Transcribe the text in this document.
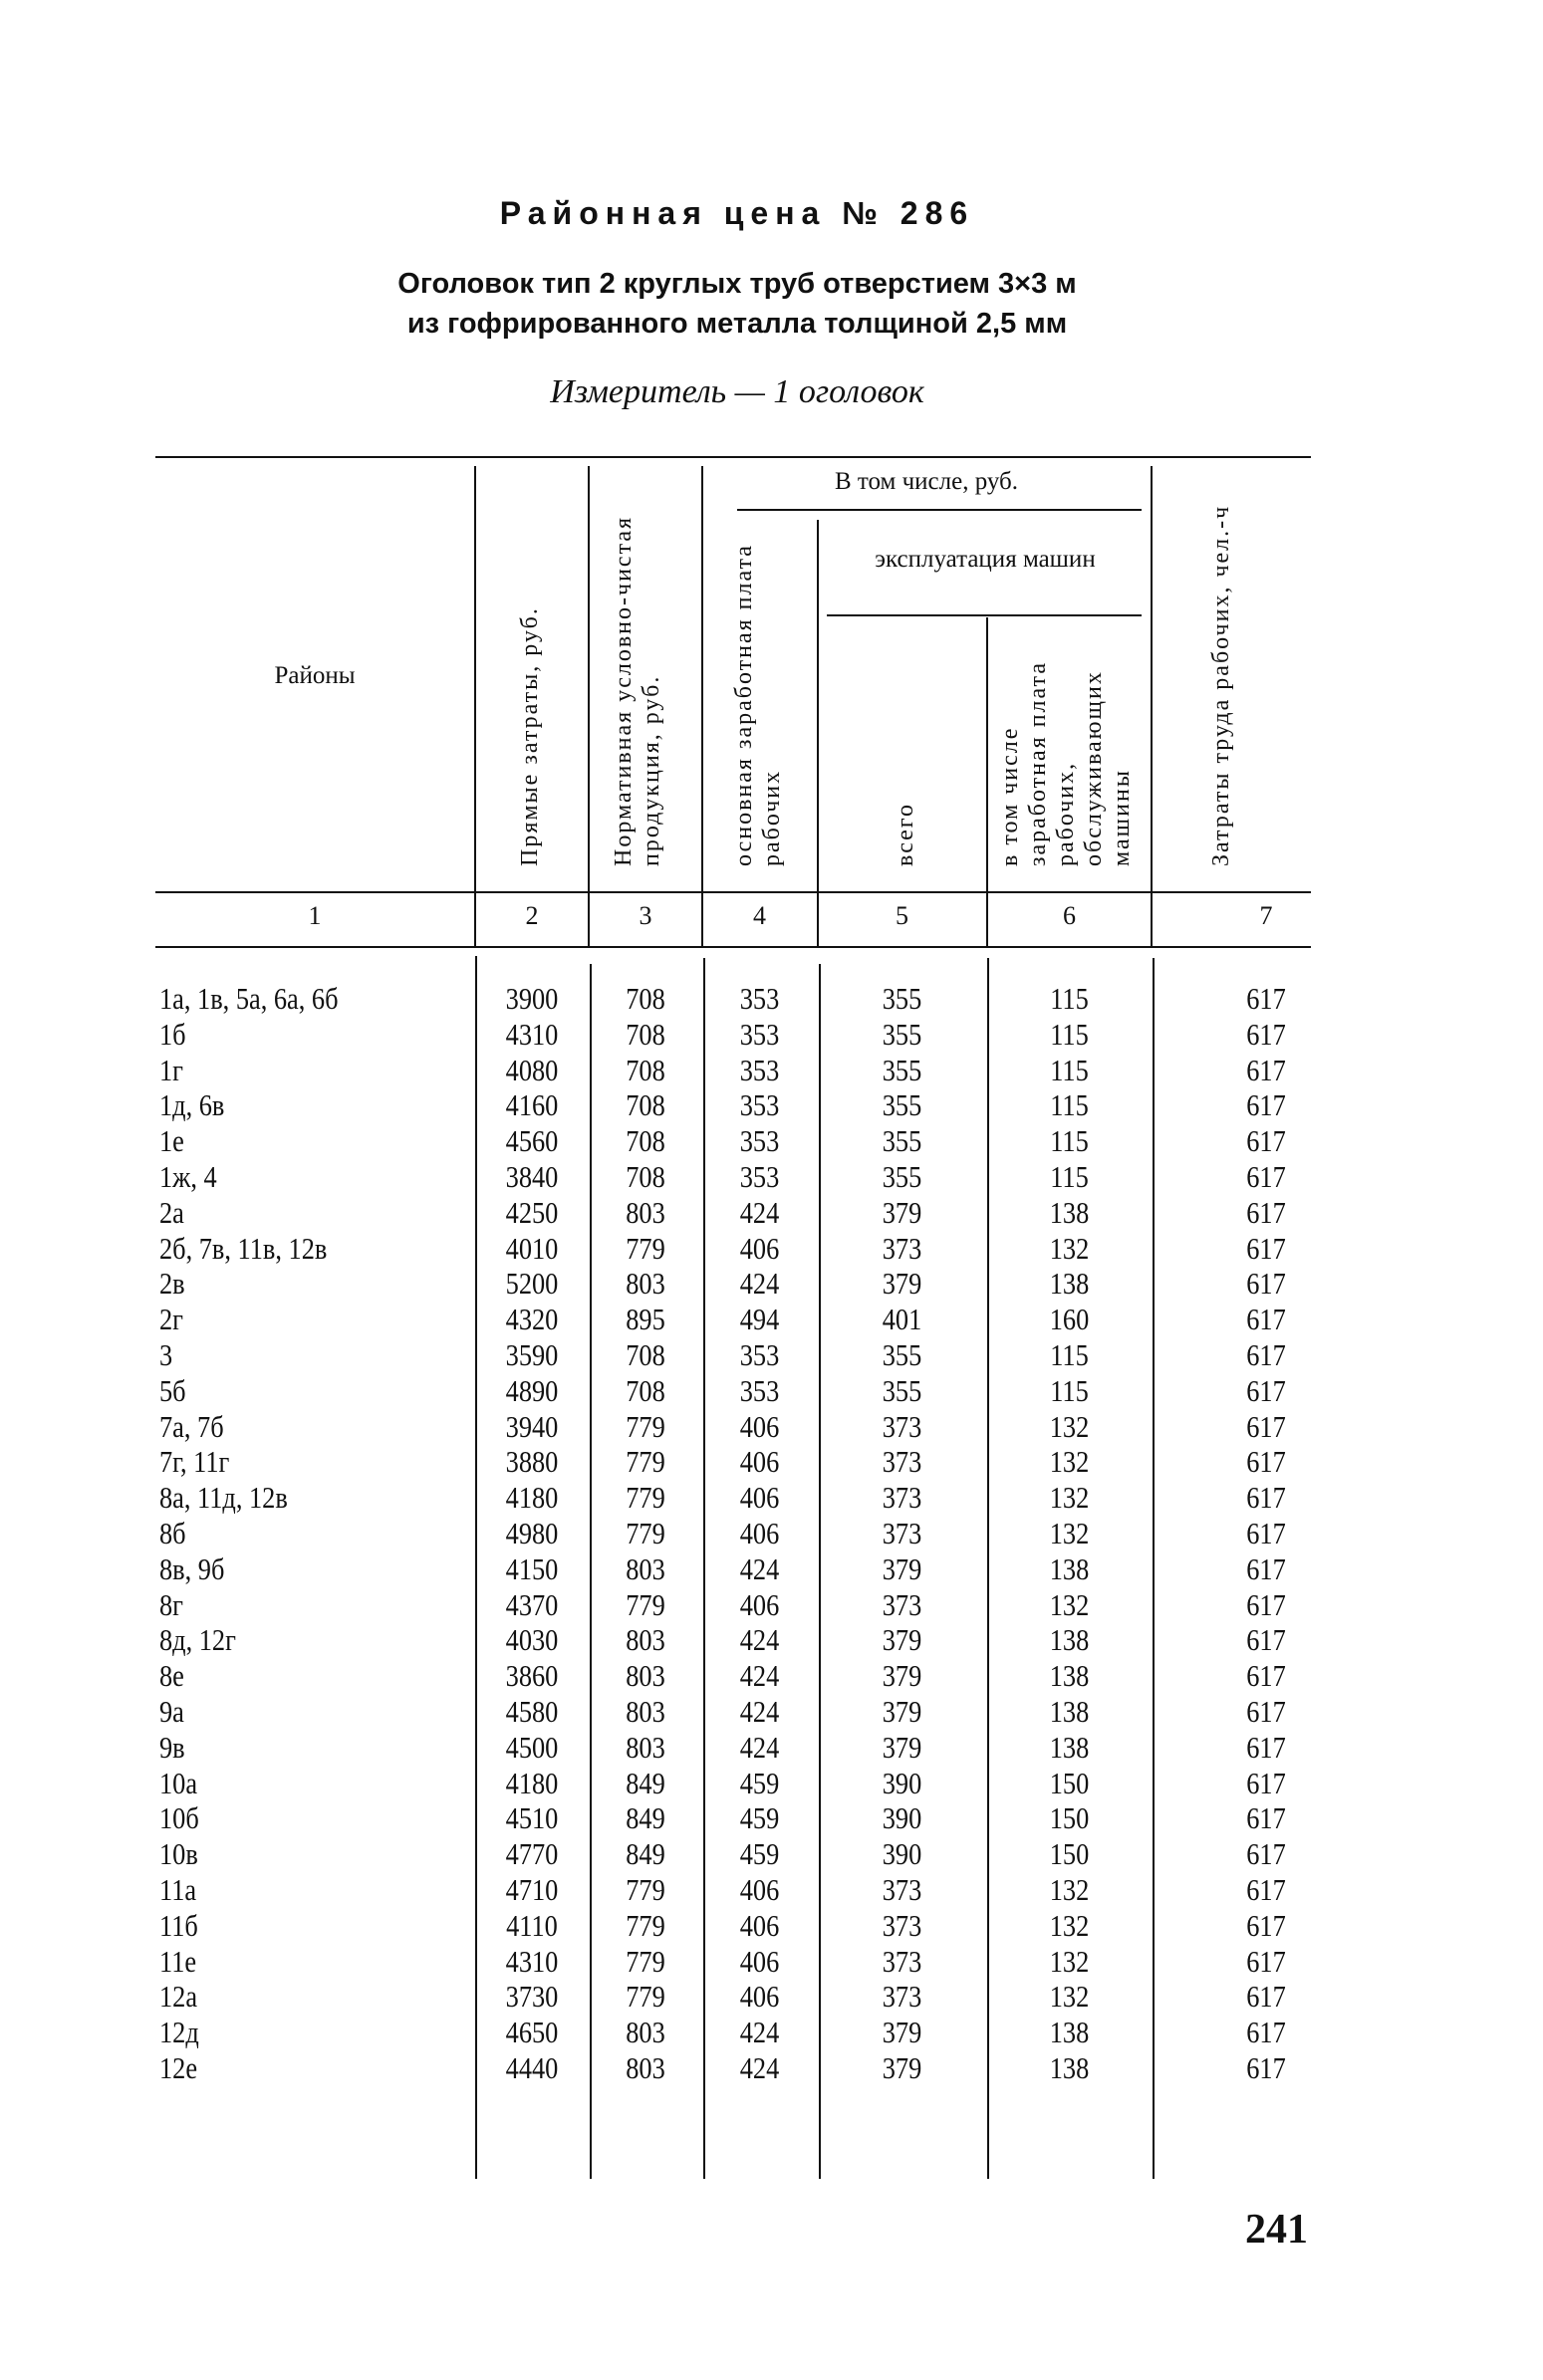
Районная цена № 286
Оголовок тип 2 круглых труб отверстием 3×3 м
из гофрированного металла толщиной 2,5 мм
Измеритель — 1 оголовок
Районы	Прямые затраты, руб.	Нормативная условно-чистая продукция, руб.
В том числе, руб.
основная заработная плата рабочих
эксплуатация машин
всего	в том числе заработная плата рабочих, обслуживающих машины	Затраты труда рабочих, чел.-ч
1	2	3	4	5	6	7
1а, 1в, 5а, 6а, 6б	3900	708	353	355	115	617
1б	4310	708	353	355	115	617
1г	4080	708	353	355	115	617
1д, 6в	4160	708	353	355	115	617
1е	4560	708	353	355	115	617
1ж, 4	3840	708	353	355	115	617
2а	4250	803	424	379	138	617
2б, 7в, 11в, 12в	4010	779	406	373	132	617
2в	5200	803	424	379	138	617
2г	4320	895	494	401	160	617
3	3590	708	353	355	115	617
5б	4890	708	353	355	115	617
7а, 7б	3940	779	406	373	132	617
7г, 11г	3880	779	406	373	132	617
8а, 11д, 12в	4180	779	406	373	132	617
8б	4980	779	406	373	132	617
8в, 9б	4150	803	424	379	138	617
8г	4370	779	406	373	132	617
8д, 12г	4030	803	424	379	138	617
8е	3860	803	424	379	138	617
9а	4580	803	424	379	138	617
9в	4500	803	424	379	138	617
10а	4180	849	459	390	150	617
10б	4510	849	459	390	150	617
10в	4770	849	459	390	150	617
11а	4710	779	406	373	132	617
11б	4110	779	406	373	132	617
11е	4310	779	406	373	132	617
12а	3730	779	406	373	132	617
12д	4650	803	424	379	138	617
12е	4440	803	424	379	138	617
241
